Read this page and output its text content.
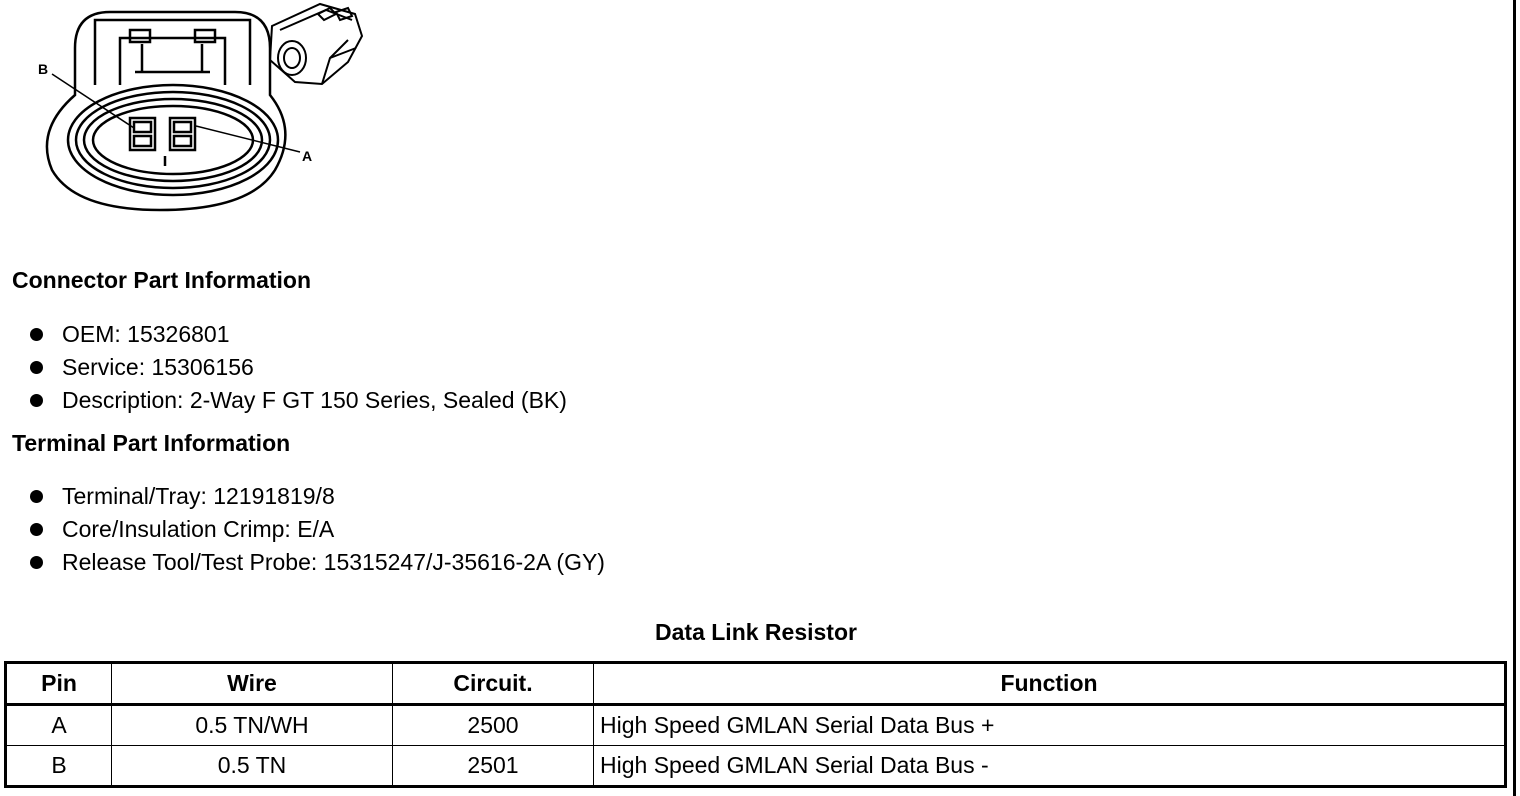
B
A
Connector Part Information
OEM: 15326801
Service: 15306156
Description: 2-Way F GT 150 Series, Sealed (BK)
Terminal Part Information
Terminal/Tray: 12191819/8
Core/Insulation Crimp: E/A
Release Tool/Test Probe: 15315247/J-35616-2A (GY)
Data Link Resistor
Pin	Wire	Circuit.	Function
A	0.5 TN/WH	2500	High Speed GMLAN Serial Data Bus +
B	0.5 TN	2501	High Speed GMLAN Serial Data Bus -
